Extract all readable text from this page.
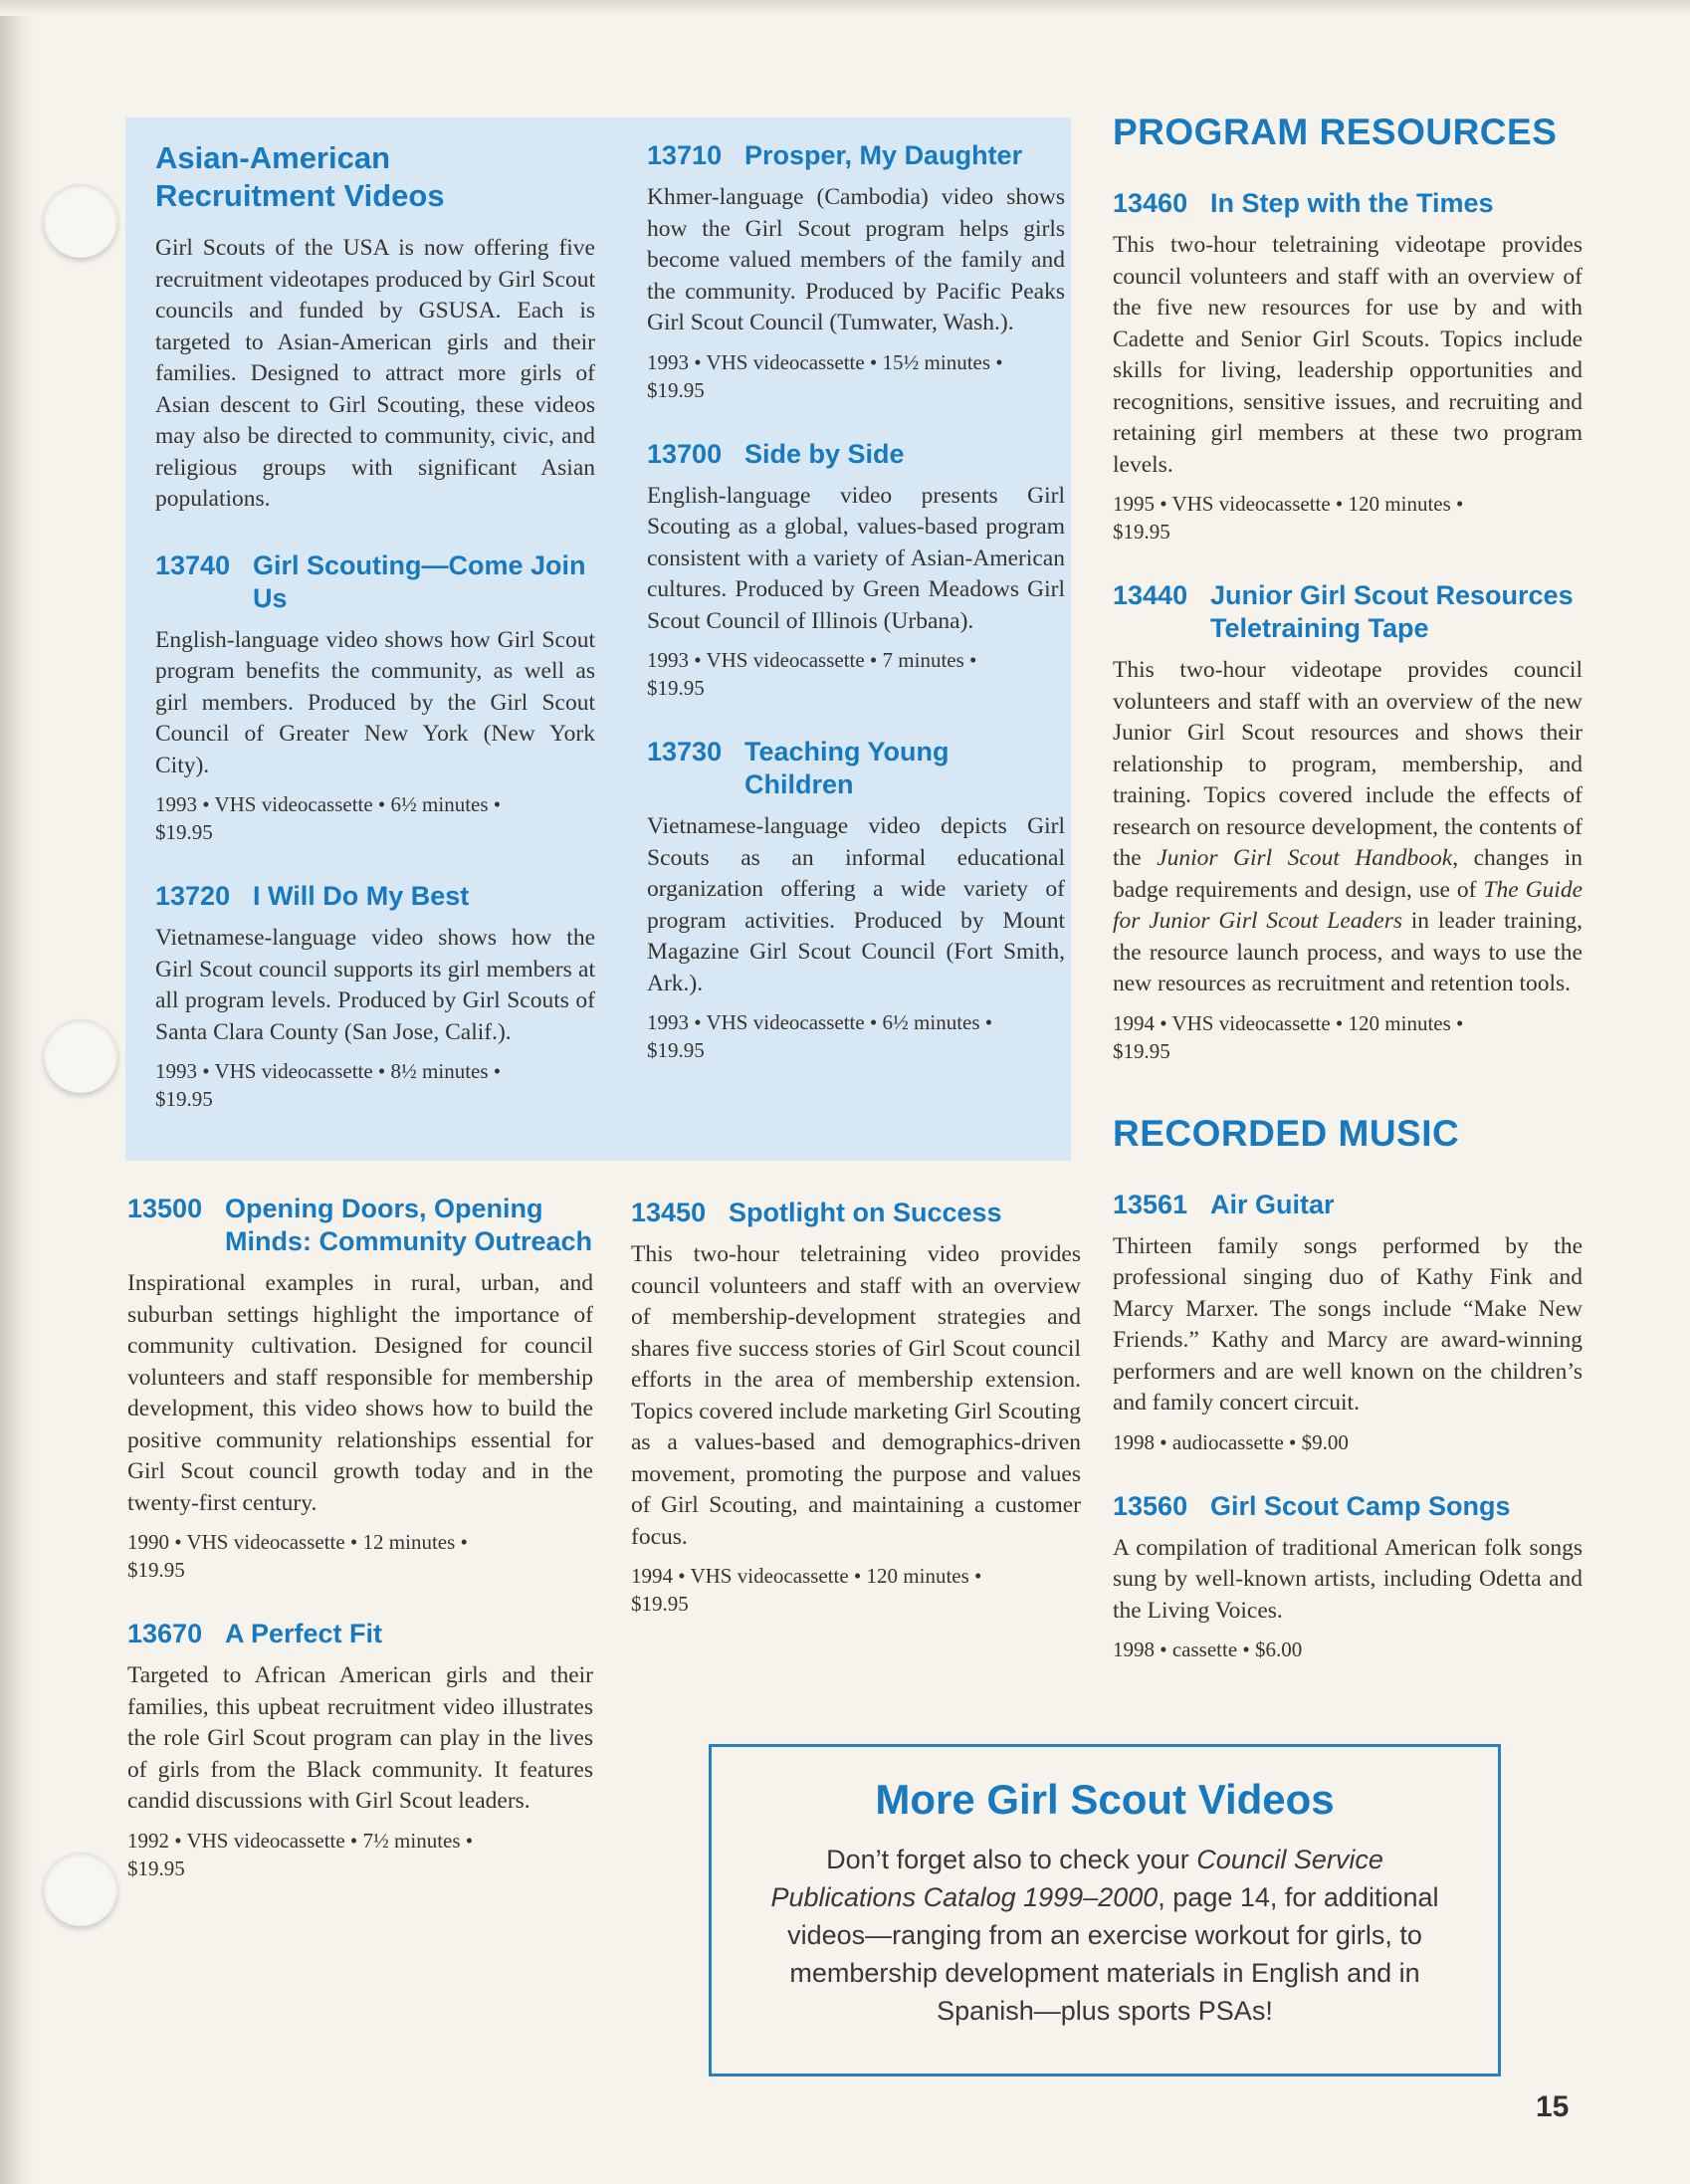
Asian-American
Recruitment Videos

Girl Scouts of the USA is now offering five recruitment videotapes produced by Girl Scout councils and funded by GSUSA. Each is targeted to Asian-American girls and their families. Designed to attract more girls of Asian descent to Girl Scouting, these videos may also be directed to community, civic, and religious groups with significant Asian populations.

13740 Girl Scouting—Come Join Us

English-language video shows how Girl Scout program benefits the community, as well as girl members. Produced by the Girl Scout Council of Greater New York (New York City).

1993 • VHS videocassette • 6½ minutes •
$19.95

13720 I Will Do My Best

Vietnamese-language video shows how the Girl Scout council supports its girl members at all program levels. Produced by Girl Scouts of Santa Clara County (San Jose, Calif.).

1993 • VHS videocassette • 8½ minutes •
$19.95

13710 Prosper, My Daughter

Khmer-language (Cambodia) video shows how the Girl Scout program helps girls become valued members of the family and the community. Produced by Pacific Peaks Girl Scout Council (Tumwater, Wash.).

1993 • VHS videocassette • 15½ minutes •
$19.95

13700 Side by Side

English-language video presents Girl Scouting as a global, values-based program consistent with a variety of Asian-American cultures. Produced by Green Meadows Girl Scout Council of Illinois (Urbana).

1993 • VHS videocassette • 7 minutes •
$19.95

13730 Teaching Young Children

Vietnamese-language video depicts Girl Scouts as an informal educational organization offering a wide variety of program activities. Produced by Mount Magazine Girl Scout Council (Fort Smith, Ark.).

1993 • VHS videocassette • 6½ minutes •
$19.95

13500 Opening Doors, Opening Minds: Community Outreach

Inspirational examples in rural, urban, and suburban settings highlight the importance of community cultivation. Designed for council volunteers and staff responsible for membership development, this video shows how to build the positive community relationships essential for Girl Scout council growth today and in the twenty-first century.

1990 • VHS videocassette • 12 minutes •
$19.95

13670 A Perfect Fit

Targeted to African American girls and their families, this upbeat recruitment video illustrates the role Girl Scout program can play in the lives of girls from the Black community. It features candid discussions with Girl Scout leaders.

1992 • VHS videocassette • 7½ minutes •
$19.95

13450 Spotlight on Success

This two-hour teletraining video provides council volunteers and staff with an overview of membership-development strategies and shares five success stories of Girl Scout council efforts in the area of membership extension. Topics covered include marketing Girl Scouting as a values-based and demographics-driven movement, promoting the purpose and values of Girl Scouting, and maintaining a customer focus.

1994 • VHS videocassette • 120 minutes •
$19.95

PROGRAM RESOURCES
13460 In Step with the Times

This two-hour teletraining videotape provides council volunteers and staff with an overview of the five new resources for use by and with Cadette and Senior Girl Scouts. Topics include skills for living, leadership opportunities and recognitions, sensitive issues, and recruiting and retaining girl members at these two program levels.

1995 • VHS videocassette • 120 minutes •
$19.95

13440 Junior Girl Scout Resources Teletraining Tape

This two-hour videotape provides council volunteers and staff with an overview of the new Junior Girl Scout resources and shows their relationship to program, membership, and training. Topics covered include the effects of research on resource development, the contents of the Junior Girl Scout Handbook, changes in badge requirements and design, use of The Guide for Junior Girl Scout Leaders in leader training, the resource launch process, and ways to use the new resources as recruitment and retention tools.

1994 • VHS videocassette • 120 minutes •
$19.95

RECORDED MUSIC
13561 Air Guitar

Thirteen family songs performed by the professional singing duo of Kathy Fink and Marcy Marxer. The songs include “Make New Friends.” Kathy and Marcy are award-winning performers and are well known on the children’s and family concert circuit.

1998 • audiocassette • $9.00

13560 Girl Scout Camp Songs

A compilation of traditional American folk songs sung by well-known artists, including Odetta and the Living Voices.

1998 • cassette • $6.00

More Girl Scout Videos

Don’t forget also to check your Council Service Publications Catalog 1999–2000, page 14, for additional videos—ranging from an exercise workout for girls, to membership development materials in English and in Spanish—plus sports PSAs!

15
